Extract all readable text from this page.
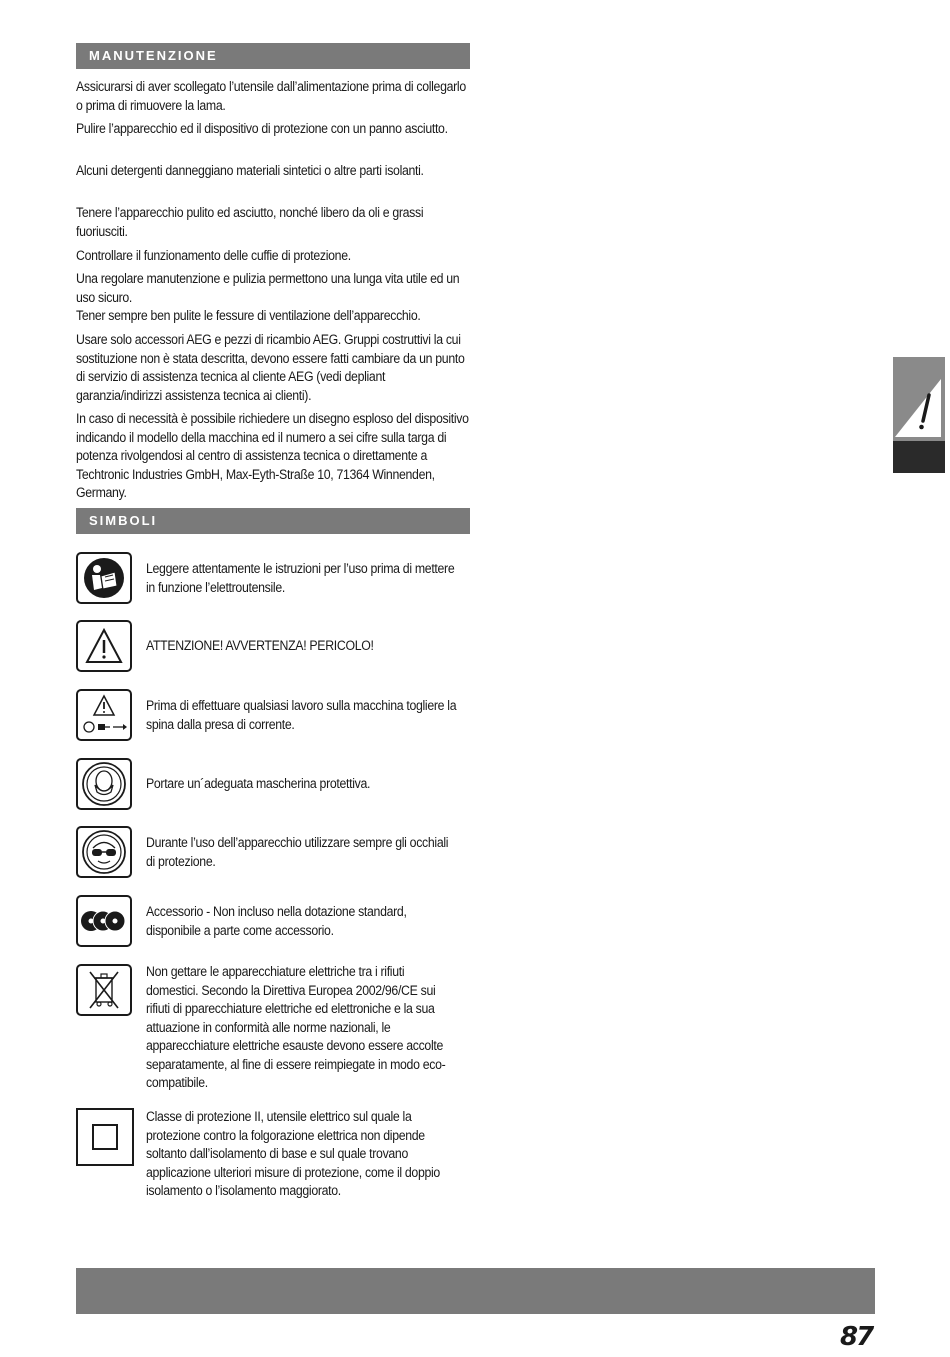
MANUTENZIONE
Assicurarsi di aver scollegato l’utensile dall’alimentazione prima di collegarlo o prima di rimuovere la lama.
Pulire l’apparecchio ed il dispositivo di protezione con un panno asciutto.
Alcuni detergenti danneggiano materiali sintetici o altre parti isolanti.
Tenere l’apparecchio pulito ed asciutto, nonché libero da oli e grassi fuoriusciti.
Controllare il funzionamento delle cuffie di protezione.
Una regolare manutenzione e pulizia permettono una lunga vita utile ed un uso sicuro.
Tener sempre ben pulite le fessure di ventilazione dell’apparecchio.
Usare solo accessori AEG e pezzi di ricambio AEG. Gruppi costruttivi la cui sostituzione non è stata descritta, devono essere fatti cambiare da un punto di servizio di assistenza tecnica al cliente AEG (vedi depliant garanzia/indirizzi assistenza tecnica ai clienti).
In caso di necessità è possibile richiedere un disegno esploso del dispositivo indicando il modello della macchina ed il numero a sei cifre sulla targa di potenza rivolgendosi al centro di assistenza tecnica o direttamente a Techtronic Industries GmbH, Max-Eyth-Straße 10, 71364 Winnenden, Germany.
SIMBOLI
Leggere attentamente le istruzioni per l’uso prima di mettere in funzione l’elettroutensile.
ATTENZIONE! AVVERTENZA! PERICOLO!
Prima di effettuare qualsiasi lavoro sulla macchina togliere la spina dalla presa di corrente.
Portare un´adeguata mascherina protettiva.
Durante l’uso dell’apparecchio utilizzare sempre gli occhiali di protezione.
Accessorio - Non incluso nella dotazione standard, disponibile a parte come accessorio.
Non gettare le apparecchiature elettriche tra i rifiuti domestici. Secondo la Direttiva Europea 2002/96/CE sui rifiuti di pparecchiature elettriche ed elettroniche e la sua attuazione in conformità alle norme nazionali, le apparecchiature elettriche esauste devono essere accolte separatamente, al fine di essere reimpiegate in modo eco-compatibile.
Classe di protezione II, utensile elettrico sul quale la protezione contro la folgorazione elettrica non dipende soltanto dall’isolamento di base e sul quale trovano applicazione ulteriori misure di protezione, come il doppio isolamento o l’isolamento maggiorato.
87
